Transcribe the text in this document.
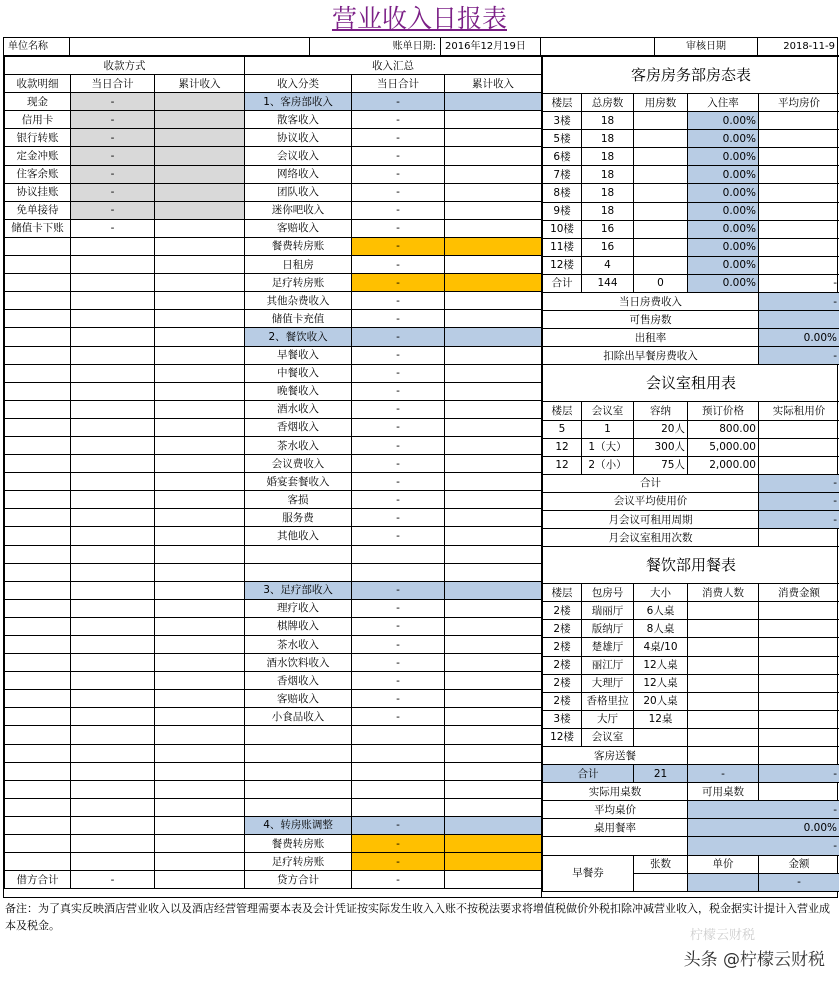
营业收入日报表
单位名称	账单日期: 2016年12月19日	审核日期	2018-11-9
收款方式			收入汇总		
收款明细	当日合计	累计收入	收入分类	当日合计	累计收入
现金	-		1、客房部收入	-	
信用卡	-		散客收入	-	
银行转账	-		协议收入	-	
定金冲账	-		会议收入	-	
住客余账	-		网络收入	-	
协议挂账	-		团队收入	-	
免单接待	-		迷你吧收入	-	
储值卡下账	-		客赔收入	-	
			餐费转房账	-	
			日租房	-	
			足疗转房账	-	
			其他杂费收入	-	
			储值卡充值	-	
			2、餐饮收入	-	
			早餐收入	-	
			中餐收入	-	
			晚餐收入	-	
			酒水收入	-	
			香烟收入	-	
			茶水收入	-	
			会议费收入	-	
			婚宴套餐收入	-	
			客损	-	
			服务费	-	
			其他收入	-	

			3、足疗部收入	-	
			理疗收入	-	
			棋牌收入	-	
			茶水收入	-	
			酒水饮料收入	-	
			香烟收入	-	
			客赔收入	-	
			小食品收入	-	

			4、转房账调整	-	
			餐费转房账	-	
			足疗转房账	-	
借方合计	-		贷方合计	-	
客房房务部房态表				
楼层	总房数	用房数	入住率	平均房价
3楼	18		0.00%	
5楼	18		0.00%	
6楼	18		0.00%	
7楼	18		0.00%	
8楼	18		0.00%	
9楼	18		0.00%	
10楼	16		0.00%	
11楼	16		0.00%	
12楼	4		0.00%	
合计	144	0	0.00%	-
当日房费收入				-
可售房数				
出租率				0.00%
扣除出早餐房费收入				-
会议室租用表				
楼层	会议室	容纳	预订价格	实际租用价
5	1	20人	800.00	
12	1（大）	300人	5,000.00	
12	2（小）	75人	2,000.00	
合计				-
会议平均使用价				-
月会议可租用周期				-
月会议室租用次数				
餐饮部用餐表				
楼层	包房号	大小	消费人数	消费金额
2楼	瑞丽厅	6人桌		
2楼	版纳厅	8人桌		
2楼	楚雄厅	4桌/10		
2楼	丽江厅	12人桌		
2楼	大理厅	12人桌		
2楼	香格里拉	20人桌		
3楼	大厅	12桌		
12楼	会议室			
客房送餐				
合计		21	-	-
实际用桌数			可用桌数	
平均桌价			-	
桌用餐率			0.00%	
			-	
早餐券		张数	单价	金额
				-
备注：为了真实反映酒店营业收入以及酒店经营管理需要本表及会计凭证按实际发生收入入账不按税法要求将增值税做价外税扣除冲减营业收入，税金据实计提计入营业成本及税金。
柠檬云财税
头条 @柠檬云财税
